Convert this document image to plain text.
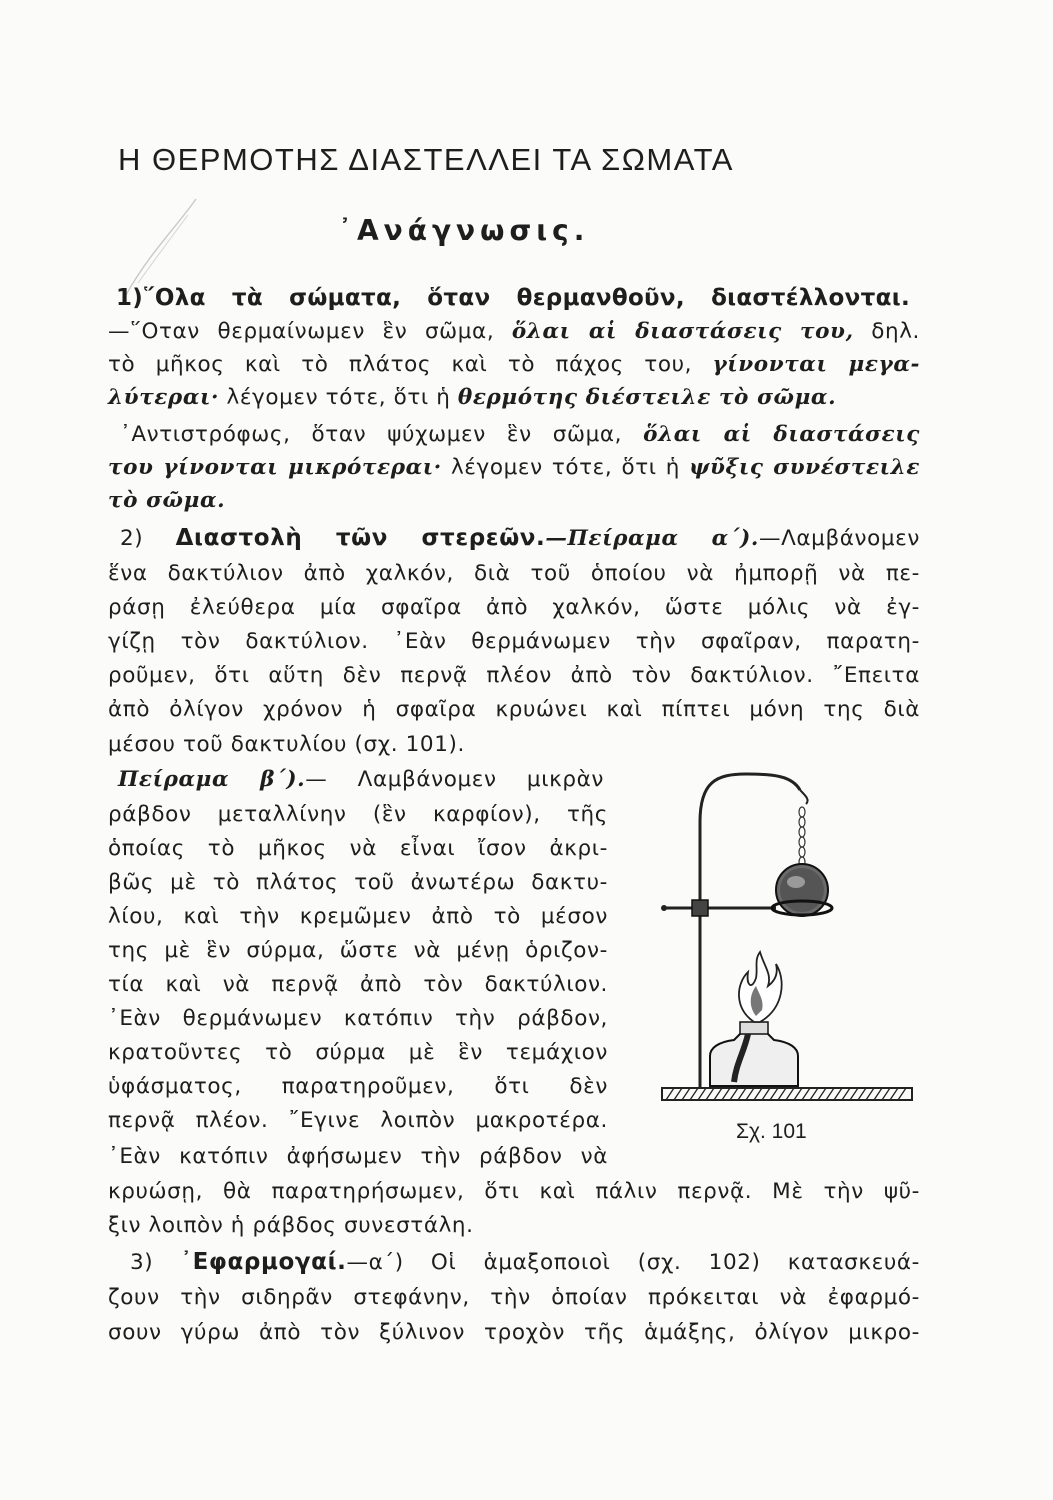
Η ΘΕΡΜΟΤΗΣ ΔΙΑΣΤΕΛΛΕΙ ΤΑ ΣΩΜΑΤΑ
᾿Ανάγνωσις.
1)῞Ολα τὰ σώματα, ὅταν θερμανθοῦν, διαστέλλονται.
—῞Οταν θερμαίνωμεν ἓν σῶμα, ὅλαι αἱ διαστάσεις του, δηλ.
τὸ μῆκος καὶ τὸ πλάτος καὶ τὸ πάχος του, γίνονται μεγα-
λύτεραι· λέγομεν τότε, ὅτι ἡ θερμότης διέστειλε τὸ σῶμα.
᾿Αντιστρόφως, ὅταν ψύχωμεν ἓν σῶμα, ὅλαι αἱ διαστάσεις
του γίνονται μικρότεραι· λέγομεν τότε, ὅτι ἡ ψῦξις συνέστειλε
τὸ σῶμα.
2) Διαστολὴ τῶν στερεῶν.—Πείραμα α΄).—Λαμβάνομεν
ἕνα δακτύλιον ἀπὸ χαλκόν, διὰ τοῦ ὁποίου νὰ ἠμπορῇ νὰ πε-
ράσῃ ἐλεύθερα μία σφαῖρα ἀπὸ χαλκόν, ὥστε μόλις νὰ ἐγ-
γίζῃ τὸν δακτύλιον. ᾿Εὰν θερμάνωμεν τὴν σφαῖραν, παρατη-
ροῦμεν, ὅτι αὕτη δὲν περνᾷ πλέον ἀπὸ τὸν δακτύλιον. ῎Επειτα
ἀπὸ ὀλίγον χρόνον ἡ σφαῖρα κρυώνει καὶ πίπτει μόνη της διὰ
μέσου τοῦ δακτυλίου (σχ. 101).
Πείραμα β΄).— Λαμβάνομεν μικρὰν
ράβδον μεταλλίνην (ἓν καρφίον), τῆς
ὁποίας τὸ μῆκος νὰ εἶναι ἴσον ἀκρι-
βῶς μὲ τὸ πλάτος τοῦ ἀνωτέρω δακτυ-
λίου, καὶ τὴν κρεμῶμεν ἀπὸ τὸ μέσον
της μὲ ἓν σύρμα, ὥστε νὰ μένῃ ὁριζον-
τία καὶ νὰ περνᾷ ἀπὸ τὸν δακτύλιον.
᾿Εὰν θερμάνωμεν κατόπιν τὴν ράβδον,
κρατοῦντες τὸ σύρμα μὲ ἓν τεμάχιον
ὑφάσματος, παρατηροῦμεν, ὅτι δὲν
περνᾷ πλέον. ῎Εγινε λοιπὸν μακροτέρα.
᾿Εὰν κατόπιν ἀφήσωμεν τὴν ράβδον νὰ
κρυώσῃ, θὰ παρατηρήσωμεν, ὅτι καὶ πάλιν περνᾷ. Μὲ τὴν ψῦ-
ξιν λοιπὸν ἡ ράβδος συνεστάλη.
3) ᾿Εφαρμογαί.—α΄) Οἱ ἁμαξοποιοὶ (σχ. 102) κατασκευά-
ζουν τὴν σιδηρᾶν στεφάνην, τὴν ὁποίαν πρόκειται νὰ ἐφαρμό-
σουν γύρω ἀπὸ τὸν ξύλινον τροχὸν τῆς ἁμάξης, ὀλίγον μικρο-
Σχ. 101
